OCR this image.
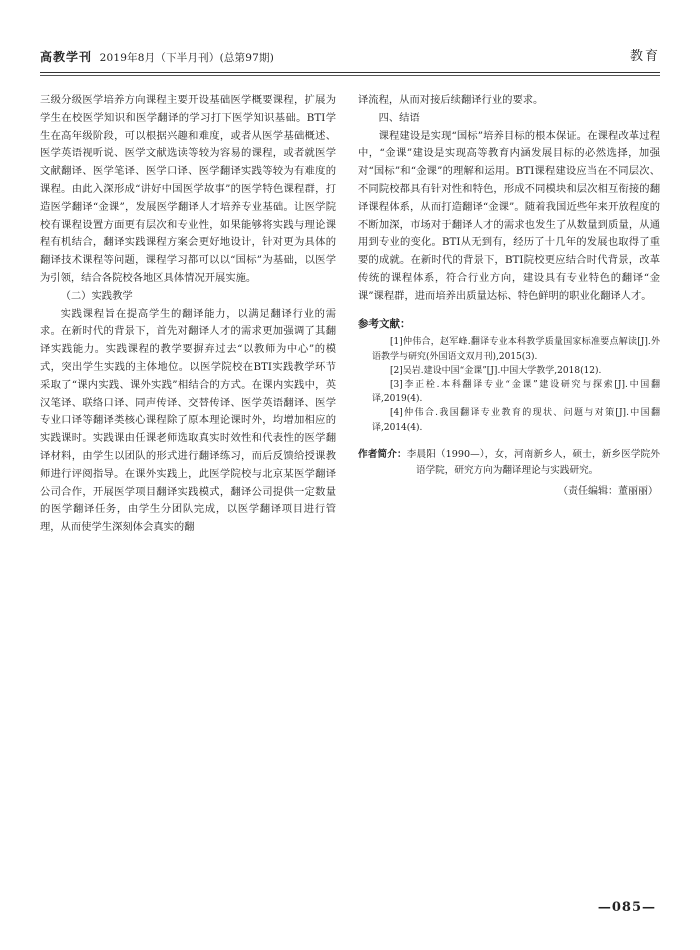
高教学刊 2019年8月（下半月刊）(总第97期)	教育

三级分级医学培养方向课程主要开设基础医学概要课程，扩展为学生在校医学知识和医学翻译的学习打下医学知识基础。BTI学生在高年级阶段，可以根据兴趣和难度，或者从医学基础概述、医学英语视听说、医学文献选读等较为容易的课程，或者就医学文献翻译、医学笔译、医学口译、医学翻译实践等较为有难度的课程。由此入深形成“讲好中国医学故事”的医学特色课程群，打造医学翻译“金课”，发展医学翻译人才培养专业基础。让医学院校有课程设置方面更有层次和专业性，如果能够将实践与理论课程有机结合，翻译实践课程方案会更好地设计，针对更为具体的翻译技术课程等问题，课程学习都可以以“国标”为基础，以医学为引领，结合各院校各地区具体情况开展实施。

（二）实践教学

实践课程旨在提高学生的翻译能力，以满足翻译行业的需求。在新时代的背景下，首先对翻译人才的需求更加强调了其翻译实践能力。实践课程的教学要摒弃过去“以教师为中心”的模式，突出学生实践的主体地位。以医学院校在BTI实践教学环节采取了“课内实践、课外实践”相结合的方式。在课内实践中，英汉笔译、联络口译、同声传译、交替传译、医学英语翻译、医学专业口译等翻译类核心课程除了原本理论课时外，均增加相应的实践课时。实践课由任课老师选取真实时效性和代表性的医学翻译材料，由学生以团队的形式进行翻译练习，而后反馈给授课教师进行评阅指导。在课外实践上，此医学院校与北京某医学翻译公司合作，开展医学项目翻译实践模式，翻译公司提供一定数量的医学翻译任务，由学生分团队完成，以医学翻译项目进行管理，从而使学生深刻体会真实的翻

译流程，从而对接后续翻译行业的要求。

四、结语

课程建设是实现“国标”培养目标的根本保证。在课程改革过程中，“金课”建设是实现高等教育内涵发展目标的必然选择，加强对“国标”和“金课”的理解和运用。BTI课程建设应当在不同层次、不同院校都具有针对性和特色，形成不同模块和层次相互衔接的翻译课程体系，从而打造翻译“金课”。随着我国近些年来开放程度的不断加深，市场对于翻译人才的需求也发生了从数量到质量，从通用到专业的变化。BTI从无到有，经历了十几年的发展也取得了重要的成就。在新时代的背景下，BTI院校更应结合时代背景，改革传统的课程体系，符合行业方向，建设具有专业特色的翻译“金课”课程群，进而培养出质量达标、特色鲜明的职业化翻译人才。

参考文献：

[1]仲伟合，赵军峰.翻译专业本科教学质量国家标准要点解读[J].外语教学与研究(外国语文双月刊),2015(3).

[2]吴岩.建设中国“金课”[J].中国大学教学,2018(12).

[3]李正栓.本科翻译专业“金课”建设研究与探索[J].中国翻译,2019(4).

[4]仲伟合.我国翻译专业教育的现状、问题与对策[J].中国翻译,2014(4).

作者简介：李晨阳（1990—），女，河南新乡人，硕士，新乡医学院外语学院，研究方向为翻译理论与实践研究。
（责任编辑：董丽丽）
—085—
